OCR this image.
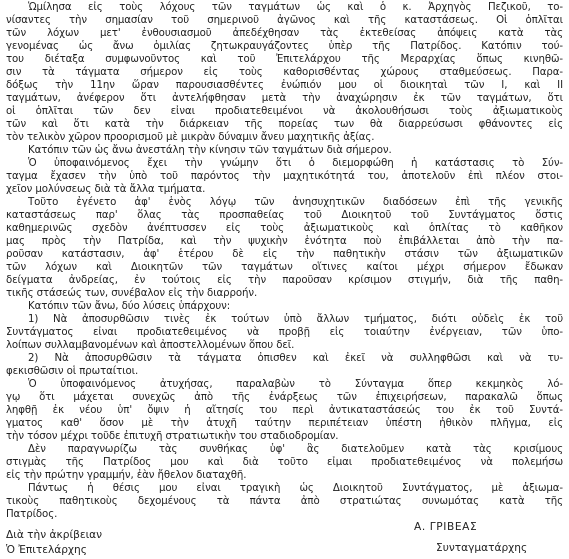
Ὡμίλησα εἰς τοὺς λόχους τῶν ταγμάτων ὡς καὶ ὁ κ. Ἀρχηγὸς Πεζικοῦ, το-
νίσαντες τὴν σημασίαν τοῦ σημερινοῦ ἀγῶνος καὶ τῆς καταστάσεως. Οἱ ὁπλῖται
τῶν λόχων μετ' ἐνθουσιασμοῦ ἀπεδέχθησαν τὰς ἐκτεθείσας ἀπόψεις κατὰ τὰς
γενομένας ὡς ἄνω ὁμιλίας ζητωκραυγάζοντες ὑπὲρ τῆς Πατρίδος. Κατόπιν τού-
του διέταξα συμφωνοῦντος καὶ τοῦ Ἐπιτελάρχου τῆς Μεραρχίας ὅπως κινηθῶ-
σιν τὰ τάγματα σήμερον εἰς τοὺς καθορισθέντας χώρους σταθμεύσεως. Παρα-
δόξως τὴν 11ην ὥραν παρουσιασθέντες ἐνώπιόν μου οἱ διοικηταὶ τῶν I, καὶ II
ταγμάτων, ἀνέφερον ὅτι ἀντελήφθησαν μετὰ τὴν ἀναχώρησιν ἐκ τῶν ταγμάτων, ὅτι
οἱ ὁπλῖται τῶν δεν εἶναι προδιατεθειμένοι νὰ ἀκολουθήσωσι τοὺς ἀξιωματικοὺς
τῶν καὶ ὅτι κατὰ τὴν διάρκειαν τῆς πορείας των θὰ διαρρεύσωσι φθάνοντες εἰς
τὸν τελικὸν χῶρον προορισμοῦ μὲ μικρὰν δύναμιν ἄνευ μαχητικῆς ἀξίας.
Κατόπιν τῶν ὡς ἄνω ἀνεστάλη τὴν κίνησιν τῶν ταγμάτων διὰ σήμερον.
Ὁ ὑποφαινόμενος ἔχει τὴν γνώμην ὅτι ὁ διεμορφώθη ἡ κατάστασις τὸ Σύν-
ταγμα ἔχασεν τὴν ὑπὸ τοῦ παρόντος τὴν μαχητικότητά του, ἀποτελοῦν ἐπὶ πλέον στοι-
χεῖον μολύνσεως διὰ τὰ ἄλλα τμήματα.
Τοῦτο ἐγένετο ἀφ' ἑνὸς λόγῳ τῶν ἀνησυχητικῶν διαδόσεων ἐπὶ τῆς γενικῆς
καταστάσεως παρ' ὅλας τὰς προσπαθείας τοῦ Διοικητοῦ τοῦ Συντάγματος ὅστις
καθημερινῶς σχεδὸν ἀνέπτυσσεν εἰς τοὺς ἀξιωματικοὺς καὶ ὁπλίτας τὸ καθῆκον
μας πρὸς τὴν Πατρίδα, καὶ τὴν ψυχικὴν ἑνότητα ποὺ ἐπιβάλλεται ἀπὸ τὴν πα-
ροῦσαν κατάστασιν, ἀφ' ἑτέρου δὲ εἰς τὴν παθητικὴν στάσιν τῶν ἀξιωματικῶν
τῶν λόχων καὶ Διοικητῶν τῶν ταγμάτων οἵτινες καίτοι μέχρι σήμερον ἔδωκαν
δείγματα ἀνδρείας, ἐν τούτοις εἰς τὴν παροῦσαν κρίσιμον στιγμήν, διὰ τῆς παθη-
τικῆς στάσεώς των, συνέβαλον εἰς τὴν διαρροήν.
Κατόπιν τῶν ἄνω, δύο λύσεις ὑπάρχουν:
1) Νὰ ἀποσυρθῶσιν τινὲς ἐκ τούτων ὑπὸ ἄλλων τμήματος, διότι οὐδεὶς ἐκ τοῦ
Συντάγματος εἶναι προδιατεθειμένος νὰ προβῇ εἰς τοιαύτην ἐνέργειαν, τῶν ὑπο-
λοίπων συλλαμβανομένων καὶ ἀποστελλομένων ὅπου δεῖ.
2) Νὰ ἀποσυρθῶσιν τὰ τάγματα ὀπισθεν καὶ ἐκεῖ νὰ συλληφθῶσι καὶ νὰ τυ-
φεκισθῶσιν οἱ πρωταίτιοι.
Ὁ ὑποφαινόμενος ἀτυχήσας, παραλαβὼν τὸ Σύνταγμα ὅπερ κεκμηκὸς λό-
γῳ ὅτι μάχεται συνεχῶς ἀπὸ τῆς ἐνάρξεως τῶν ἐπιχειρήσεων, παρακαλῶ ὅπως
ληφθῇ ἐκ νέου ὑπ' ὄψιν ἡ αἴτησίς του περὶ ἀντικαταστάσεώς του ἐκ τοῦ Συντά-
γματος καθ' ὅσον μὲ τὴν ἀτυχῆ ταύτην περιπέτειαν ὑπέστη ἠθικὸν πλῆγμα, εἰς
τὴν τόσον μέχρι τοῦδε ἐπιτυχῆ στρατιωτικὴν του σταδιοδρομίαν.
Δὲν παραγνωρίζω τὰς συνθήκας ὑφ' ἃς διατελοῦμεν κατὰ τὰς κρισίμους
στιγμὰς τῆς Πατρίδος μου καὶ διὰ τοῦτο εἶμαι προδιατεθειμένος νὰ πολεμήσω
εἰς τὴν πρώτην γραμμήν, ἐὰν ἤθελον διαταχθῆ.
Πάντως ἡ θέσις μου εἶναι τραγικὴ ὡς Διοικητοῦ Συντάγματος, μὲ ἀξιωμα-
τικοὺς παθητικοὺς δεχομένους τὰ πάντα ἀπὸ στρατιώτας συνωμότας κατὰ τῆς
Πατρίδος.
Διὰ τὴν ἀκρίβειαν
Ὁ Ἐπιτελάρχης
Α. ΓΡΙΒΕΑΣ
Συνταγματάρχης
